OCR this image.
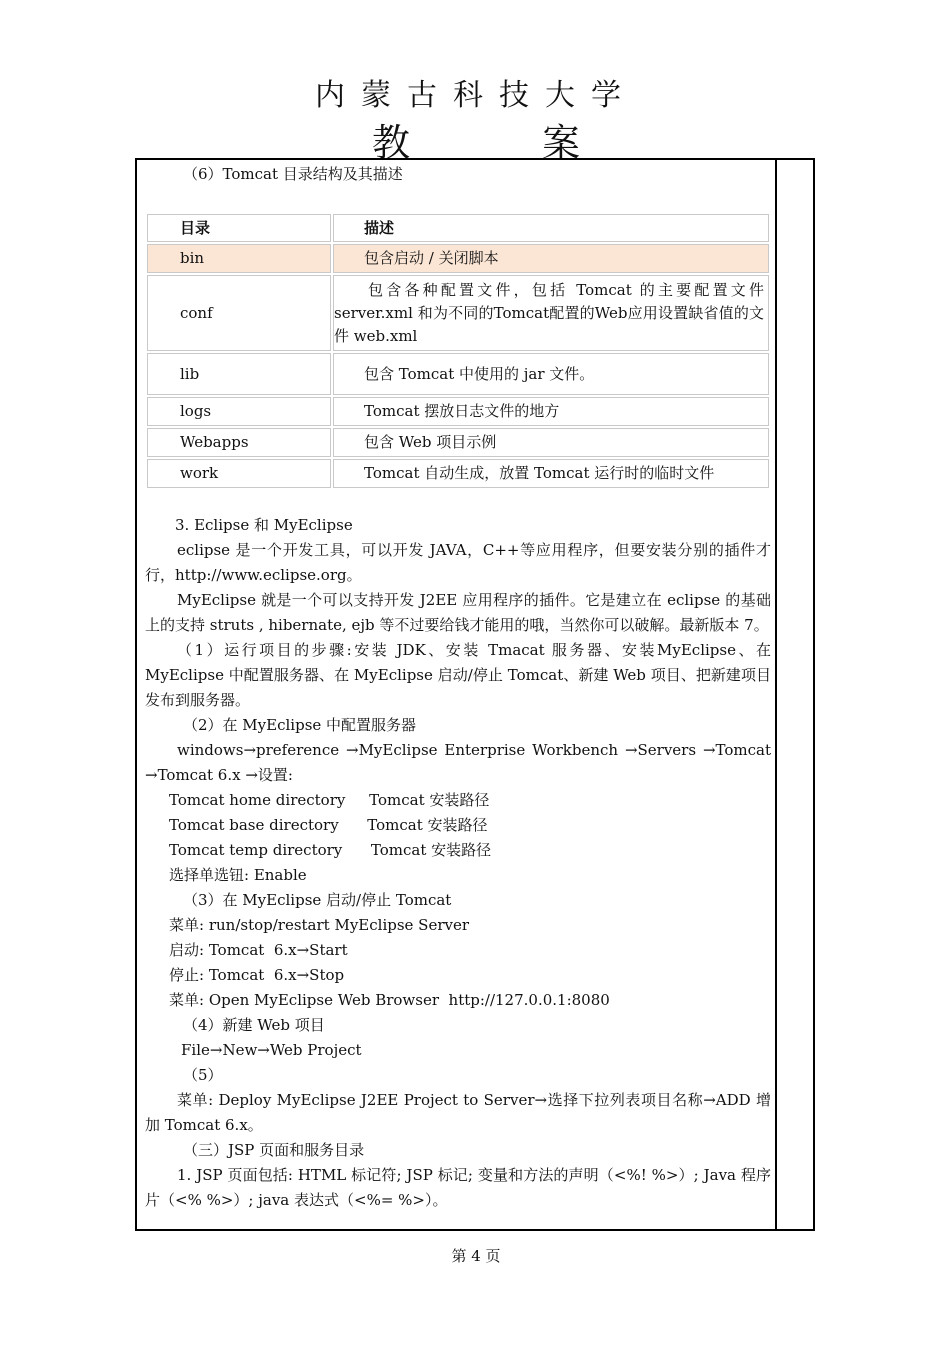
内蒙古科技大学
教 案
（6）Tomcat 目录结构及其描述
目录	描述
bin	包含启动 / 关闭脚本
conf	包含各种配置文件，包括 Tomcat 的主要配置文件 server.xml 和为不同的Tomcat配置的Web应用设置缺省值的文件 web.xml
lib	包含 Tomcat 中使用的 jar 文件。
logs	Tomcat 摆放日志文件的地方
Webapps	包含 Web 项目示例
work	Tomcat 自动生成，放置 Tomcat 运行时的临时文件
3. Eclipse 和 MyEclipse
eclipse 是一个开发工具，可以开发 JAVA，C++等应用程序，但要安装分别的插件才行，http://www.eclipse.org。
MyEclipse 就是一个可以支持开发 J2EE 应用程序的插件。它是建立在 eclipse 的基础上的支持 struts , hibernate, ejb 等不过要给钱才能用的哦，当然你可以破解。最新版本 7。
（1）运行项目的步骤:安装 JDK、安装 Tmacat 服务器、安装MyEclipse、在MyEclipse 中配置服务器、在 MyEclipse 启动/停止 Tomcat、新建 Web 项目、把新建项目发布到服务器。
（2）在 MyEclipse 中配置服务器
windows→preference →MyEclipse Enterprise Workbench →Servers →Tomcat →Tomcat 6.x →设置:
Tomcat home directory     Tomcat 安装路径
Tomcat base directory      Tomcat 安装路径
Tomcat temp directory      Tomcat 安装路径
选择单选钮: Enable
（3）在 MyEclipse 启动/停止 Tomcat
菜单: run/stop/restart MyEclipse Server
启动: Tomcat  6.x→Start
停止: Tomcat  6.x→Stop
菜单: Open MyEclipse Web Browser  http://127.0.0.1:8080
（4）新建 Web 项目
File→New→Web Project
（5）
菜单: Deploy MyEclipse J2EE Project to Server→选择下拉列表项目名称→ADD 增加 Tomcat 6.x。
（三）JSP 页面和服务目录
1. JSP 页面包括: HTML 标记符; JSP 标记; 变量和方法的声明（<%! %>）; Java 程序片（<% %>）; java 表达式（<%= %>）。
第 4 页
